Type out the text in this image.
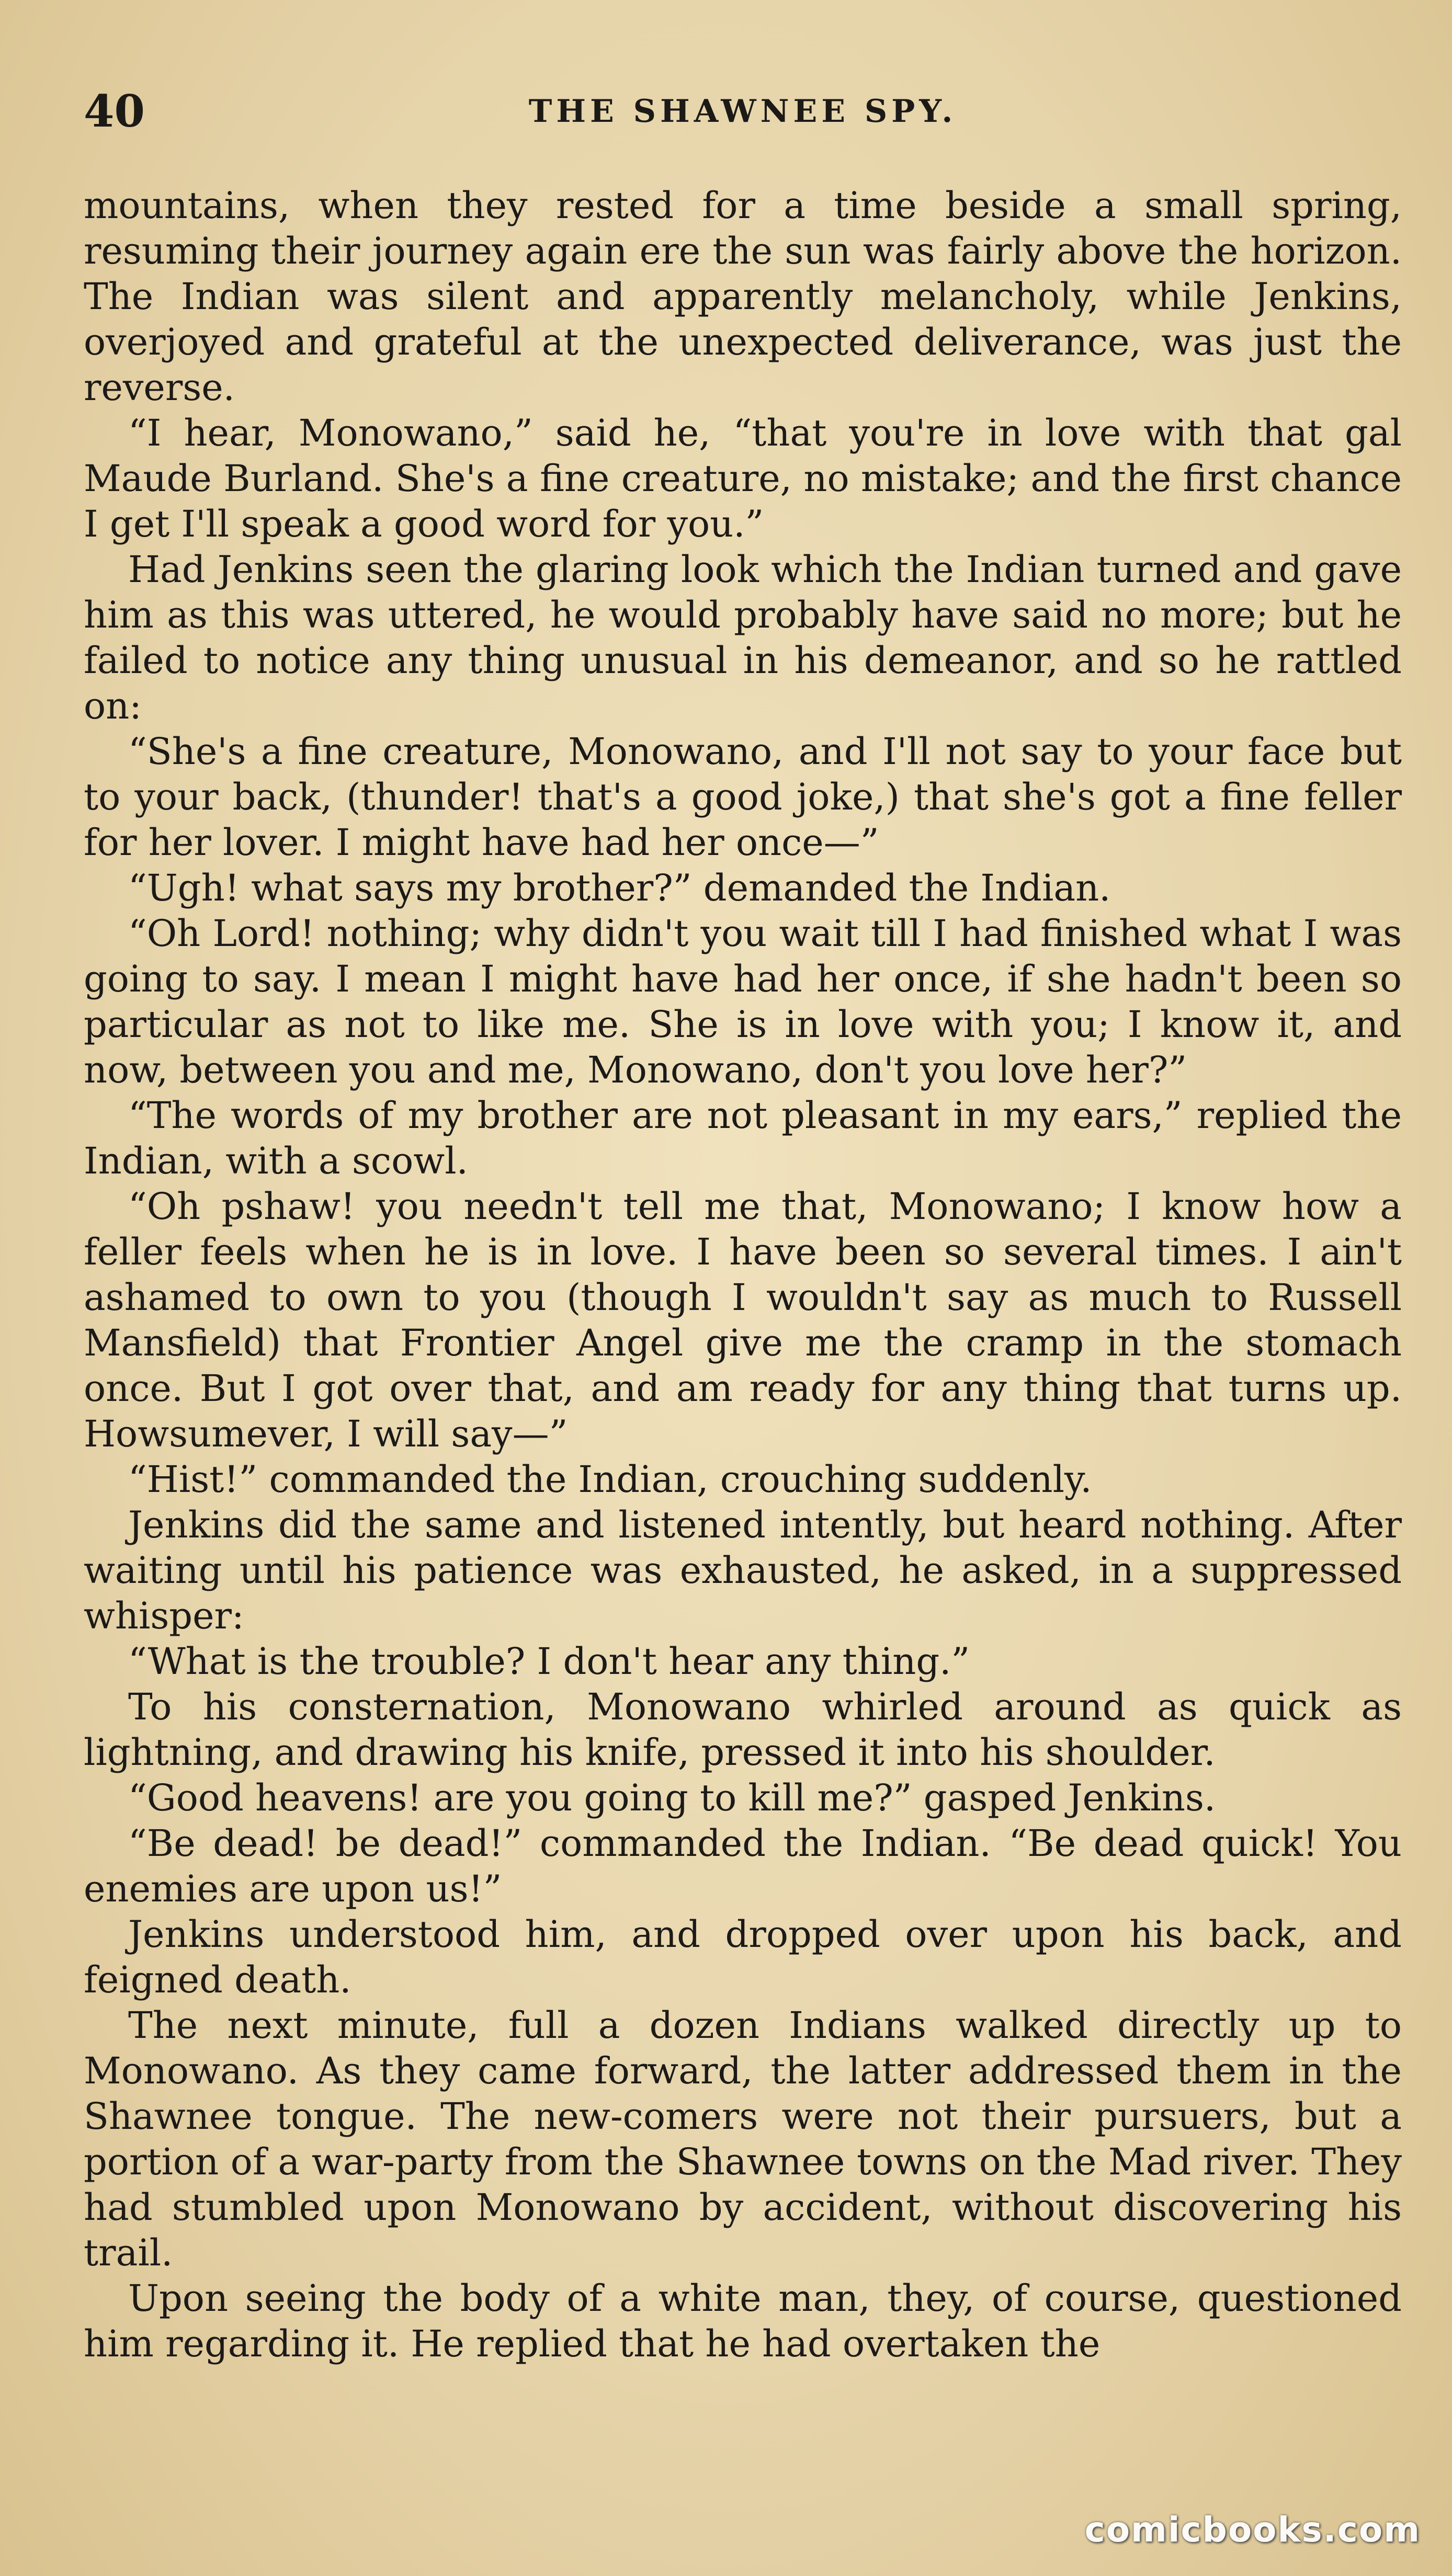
40	THE SHAWNEE SPY.

mountains, when they rested for a time beside a small spring, resuming their journey again ere the sun was fairly above the horizon. The Indian was silent and apparently melancholy, while Jenkins, overjoyed and grateful at the unexpected deliverance, was just the reverse.

“I hear, Monowano,” said he, “that you're in love with that gal Maude Burland. She's a fine creature, no mistake; and the first chance I get I'll speak a good word for you.”

Had Jenkins seen the glaring look which the Indian turned and gave him as this was uttered, he would probably have said no more; but he failed to notice any thing unusual in his demeanor, and so he rattled on:

“She's a fine creature, Monowano, and I'll not say to your face but to your back, (thunder! that's a good joke,) that she's got a fine feller for her lover. I might have had her once—”

“Ugh! what says my brother?” demanded the Indian.

“Oh Lord! nothing; why didn't you wait till I had finished what I was going to say. I mean I might have had her once, if she hadn't been so particular as not to like me. She is in love with you; I know it, and now, between you and me, Monowano, don't you love her?”

“The words of my brother are not pleasant in my ears,” replied the Indian, with a scowl.

“Oh pshaw! you needn't tell me that, Monowano; I know how a feller feels when he is in love. I have been so several times. I ain't ashamed to own to you (though I wouldn't say as much to Russell Mansfield) that Frontier Angel give me the cramp in the stomach once. But I got over that, and am ready for any thing that turns up. Howsumever, I will say—”

“Hist!” commanded the Indian, crouching suddenly.

Jenkins did the same and listened intently, but heard nothing. After waiting until his patience was exhausted, he asked, in a suppressed whisper:

“What is the trouble? I don't hear any thing.”

To his consternation, Monowano whirled around as quick as lightning, and drawing his knife, pressed it into his shoulder.

“Good heavens! are you going to kill me?” gasped Jenkins.

“Be dead! be dead!” commanded the Indian. “Be dead quick! You enemies are upon us!”

Jenkins understood him, and dropped over upon his back, and feigned death.

The next minute, full a dozen Indians walked directly up to Monowano. As they came forward, the latter addressed them in the Shawnee tongue. The new-comers were not their pursuers, but a portion of a war-party from the Shawnee towns on the Mad river. They had stumbled upon Monowano by accident, without discovering his trail.

Upon seeing the body of a white man, they, of course, questioned him regarding it. He replied that he had overtaken the

comicbooks.com
